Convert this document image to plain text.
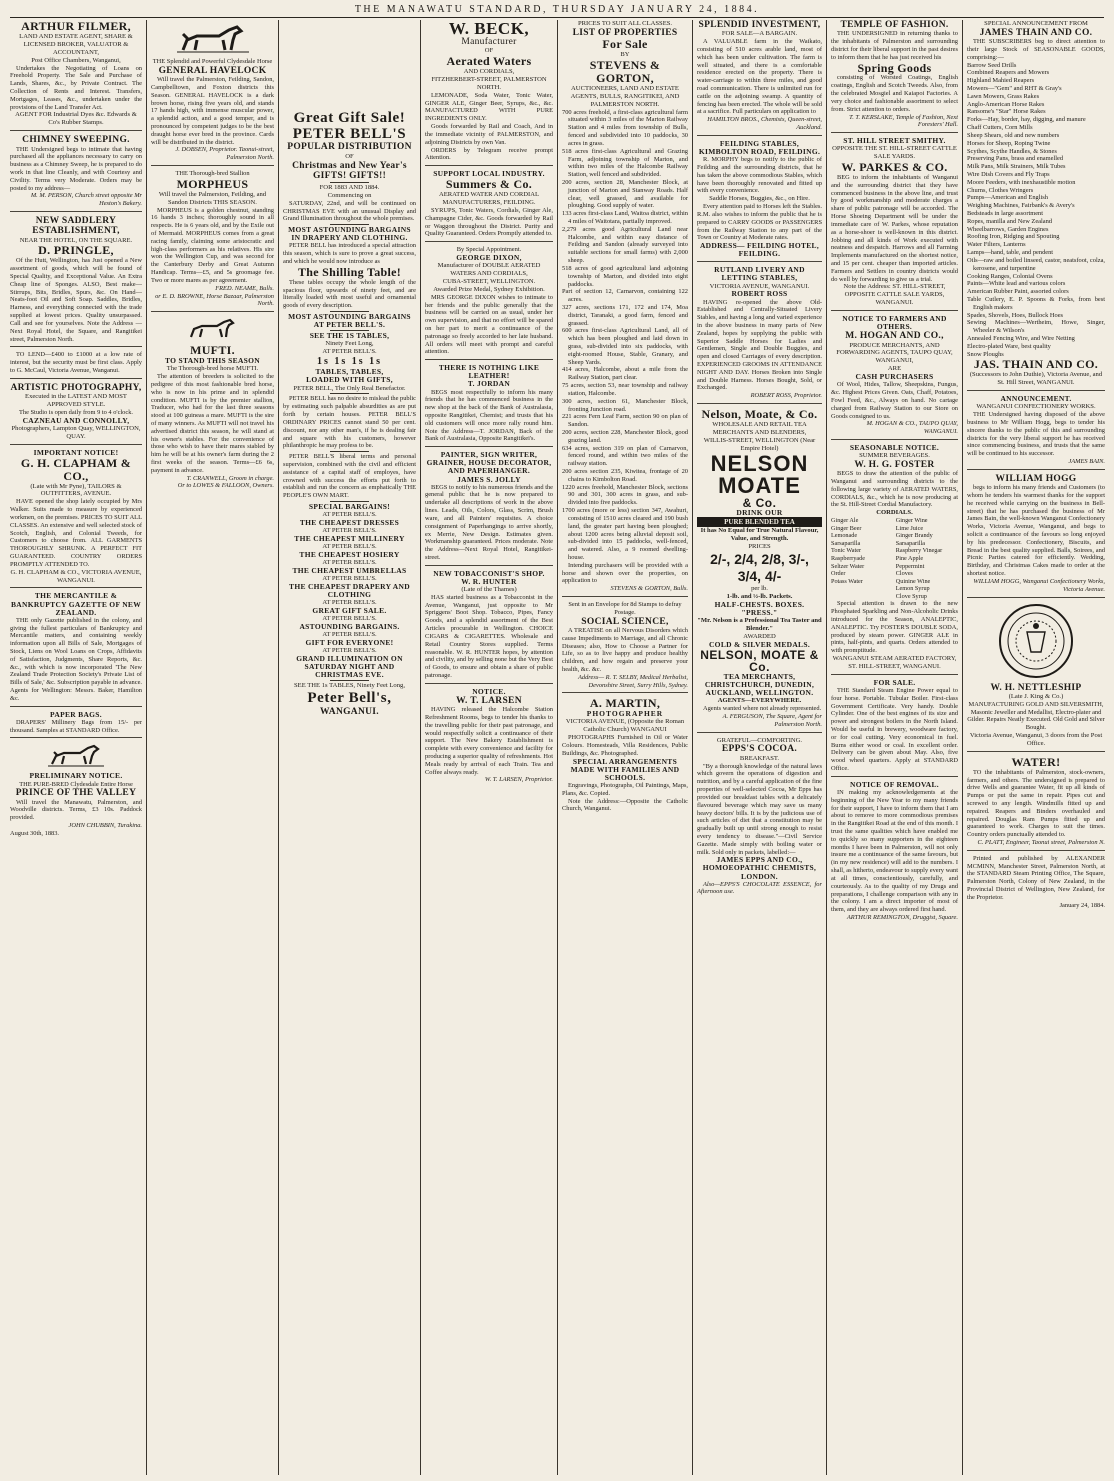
THE MANAWATU STANDARD, THURSDAY JANUARY 24, 1884.
ARTHUR FILMER,
LAND AND ESTATE AGENT, SHARE & LICENSED BROKER, VALUATOR & ACCOUNTANT,
Post Office Chambers, Wanganui,
Undertakes the Negotiating of Loans on Freehold Property. The Sale and Purchase of Lands, Shares, &c., by Private Contract. The Collection of Rents and Interest. Transfers, Mortgages, Leases, &c., undertaken under the provisions of the Land Transfer Act.
AGENT FOR Industrial Dyes &c. Edwards & Co's Rubber Stamps.
CHIMNEY SWEEPING.
THE Undersigned begs to intimate that having purchased all the appliances necessary to carry on business as a Chimney Sweep, he is prepared to do work in that line Cleanly, and with Courtesy and Civility. Terms very Moderate. Orders may be posted to my address—
M. M. PERSON, Church street opposite Mr Heston's Bakery.
NEW SADDLERY ESTABLISHMENT,
NEAR THE HOTEL, ON THE SQUARE.
D. PRINGLE,
Of the Hutt, Wellington, has Just opened a New assortment of goods, which will be found of Special Quality, and Exceptional Value. An Extra Cheap line of Sponges. ALSO, Best make—Stirrups, Bits, Bridles, Spurs, &c. On Hand—Neats-foot Oil and Soft Soap. Saddles, Bridles, Harness, and everything connected with the trade supplied at lowest prices. Quality unsurpassed. Call and see for yourselves. Note the Address — Next Royal Hotel, the Square, and Rangitikei street, Palmerston North.
TO LEND—£400 to £1000 at a low rate of interest, but the security must be first class. Apply to G. McCaul, Victoria Avenue, Wanganui.
ARTISTIC PHOTOGRAPHY,
Executed in the LATEST AND MOST APPROVED STYLE.
The Studio is open daily from 9 to 4 o'clock.
CAZNEAU AND CONNOLLY,
Photographers, Lampton Quay, WELLINGTON, QUAY.
IMPORTANT NOTICE!
G. H. CLAPHAM & CO.,
(Late with Mr Pyne), TAILORS & OUTFITTERS, AVENUE.
HAVE opened the shop lately occupied by Mrs Walker. Suits made to measure by experienced workmen, on the premises. PRICES TO SUIT ALL CLASSES. An extensive and well selected stock of Scotch, English, and Colonial Tweeds, for Customers to choose from. ALL GARMENTS THOROUGHLY SHRUNK. A PERFECT FIT GUARANTEED. COUNTRY ORDERS PROMPTLY ATTENDED TO.
G. H. CLAPHAM & CO., VICTORIA AVENUE, WANGANUI.
THE MERCANTILE & BANKRUPTCY GAZETTE OF NEW ZEALAND.
THE only Gazette published in the colony, and giving the fullest particulars of Bankruptcy and Mercantile matters, and containing weekly information upon all Bills of Sale, Mortgages of Stock, Liens on Wool Loans on Crops, Affidavits of Satisfaction, Judgments, Share Reports, &c. &c., with which is now incorporated 'The New Zealand Trade Protection Society's Private List of Bills of Sale,' &c. Subscription payable in advance. Agents for Wellington: Messrs. Baker, Hamilton &c.
PAPER BAGS.
DRAPERS' Millinery Bags from 15/- per thousand. Samples at STANDARD Office.
PRELIMINARY NOTICE.
THE PURE-BRED Clydesdale Entire Horse
PRINCE OF THE VALLEY
Will travel the Manawatu, Palmerston, and Woodville districts. Terms, £3 10s. Paddock provided.
JOHN CHUBBIN, Turakina.
August 30th, 1883.
THE Splendid and Powerful Clydesdale Horse
GENERAL HAVELOCK
Will travel the Palmerston, Feilding, Sandon, Campbelltown, and Foxton districts this Season. GENERAL HAVELOCK is a dark brown horse, rising five years old, and stands 17 hands high, with immense muscular power, a splendid action, and a good temper, and is pronounced by competent judges to be the best draught horse ever bred in the province. Cards will be distributed in the district.
J. DOBSEN, Proprietor. Taonui-street, Palmerston North.
THE Thorough-bred Stallion
MORPHEUS
Will travel the Palmerston, Feilding, and Sandon Districts THIS SEASON.
MORPHEUS is a golden chestnut, standing 16 hands 3 inches; thoroughly sound in all respects. He is 6 years old, and by the Exile out of Mermaid. MORPHEUS comes from a great racing family, claiming some aristocratic and high-class performers as his relatives. His sire won the Wellington Cup, and was second for the Canterbury Derby and Great Autumn Handicap. Terms—£5, and 5s groomage fee. Two or more mares as per agreement.
FRED. NEAME, Bulls.
or E. D. BROWNE, Horse Bazaar, Palmerston North.
MUFTI.
TO STAND THIS SEASON
The Thorough-bred horse MUFTI.
The attention of breeders is solicited to the pedigree of this most fashionable bred horse, who is now in his prime and in splendid condition. MUFTI is by the premier stallion, Traducer, who had for the last three seasons stood at 100 guineas a mare. MUFTI is the sire of many winners. As MUFTI will not travel his advertised district this season, he will stand at his owner's stables. For the convenience of those who wish to have their mares stabled by him he will be at his owner's farm during the 2 first weeks of the season. Terms—£6 6s, payment in advance.
T. CRANWELL, Groom in charge.
Or to LOWES & FALLOON, Owners.
Great Gift Sale!
PETER BELL'S
POPULAR DISTRIBUTION
OF
Christmas and New Year's
GIFTS! GIFTS!!
FOR 1883 AND 1884.
Commencing on
SATURDAY, 22nd, and will be continued on CHRISTMAS EVE with an unusual Display and Grand Illumination throughout the whole premises.
MOST ASTOUNDING BARGAINS IN DRAPERY AND CLOTHING.
PETER BELL has introduced a special attraction this season, which is sure to prove a great success, and which he would now introduce as
The Shilling Table!
These tables occupy the whole length of the spacious floor, upwards of ninety feet, and are literally loaded with most useful and ornamental goods of every description.
MOST ASTOUNDING BARGAINS AT PETER BELL'S.
SEE THE 1S TABLES,
Ninety Feet Long,
AT PETER BELL'S.
1s 1s 1s 1s
TABLES, TABLES,
LOADED WITH GIFTS,
PETER BELL, The Only Real Benefactor.
PETER BELL has no desire to mislead the public by estimating such palpable absurdities as are put forth by certain houses. PETER BELL'S ORDINARY PRICES cannot stand 50 per cent. discount, nor any other man's, if he is dealing fair and square with his customers, however philanthropic he may profess to be.
PETER BELL'S liberal terms and personal supervision, combined with the civil and efficient assistance of a capital staff of employes, have crowned with success the efforts put forth to establish and run the concern as emphatically THE PEOPLE'S OWN MART.
SPECIAL BARGAINS!
AT PETER BELL'S.
THE CHEAPEST DRESSES
AT PETER BELL'S.
THE CHEAPEST MILLINERY
AT PETER BELL'S.
THE CHEAPEST HOSIERY
AT PETER BELL'S.
THE CHEAPEST UMBRELLAS
AT PETER BELL'S.
THE CHEAPEST DRAPERY AND CLOTHING
AT PETER BELL'S.
GREAT GIFT SALE.
AT PETER BELL'S.
ASTOUNDING BARGAINS.
AT PETER BELL'S.
GIFT FOR EVERYONE!
AT PETER BELL'S.
GRAND ILLUMINATION ON SATURDAY NIGHT AND CHRISTMAS EVE.
SEE THE 1s TABLES, Ninety Feet Long,
Peter Bell's,
WANGANUI.
W. BECK,
Manufacturer
OF
Aerated Waters
AND CORDIALS,
FITZHERBERT-STREET, PALMERSTON NORTH.
LEMONADE, Soda Water, Tonic Water, GINGER ALE, Ginger Beer, Syrups, &c., &c. MANUFACTURED WITH PURE INGREDIENTS ONLY.
Goods forwarded by Rail and Coach, And in the immediate vicinity of PALMERSTON, and adjoining Districts by own Van.
ORDERS by Telegram receive prompt Attention.
SUPPORT LOCAL INDUSTRY.
Summers & Co.
AERATED WATER AND CORDIAL MANUFACTURERS, FEILDING.
SYRUPS, Tonic Waters, Cordials, Ginger Ale, Champagne Cider, &c. Goods forwarded by Rail or Waggon throughout the District. Purity and Quality Guaranteed. Orders Promptly attended to.
By Special Appointment.
GEORGE DIXON,
Manufacturer of DOUBLE AERATED WATERS AND CORDIALS,
CUBA-STREET, WELLINGTON.
Awarded Prize Medal, Sydney Exhibition.
MRS GEORGE DIXON wishes to intimate to her friends and the public generally that the business will be carried on as usual, under her own supervision, and that no effort will be spared on her part to merit a continuance of the patronage so freely accorded to her late husband. All orders will meet with prompt and careful attention.
THERE IS NOTHING LIKE LEATHER!
T. JORDAN
BEGS most respectfully to inform his many friends that he has commenced business in the new shop at the back of the Bank of Australasia, opposite Rangitikei, Chemist; and trusts that his old customers will once more rally round him. Note the Address—T. JORDAN, Back of the Bank of Australasia, Opposite Rangitikei's.
PAINTER, SIGN WRITER, GRAINER, HOUSE DECORATOR, AND PAPERHANGER.
JAMES S. JOLLY
BEGS to notify to his numerous friends and the general public that he is now prepared to undertake all descriptions of work in the above lines. Leads, Oils, Colors, Glass, Scrim, Brush ware, and all Painters' requisites. A choice consignment of Paperhangings to arrive shortly, ex Merrie, New Design. Estimates given. Workmanship guaranteed. Prices moderate. Note the Address—Next Royal Hotel, Rangitikei-street.
NEW TOBACCONIST'S SHOP.
W. R. HUNTER
(Late of the Thames)
HAS started business as a Tobacconist in the Avenue, Wanganui, just opposite to Mr Spriggens' Boot Shop. Tobacco, Pipes, Fancy Goods, and a splendid assortment of the Best Articles procurable in Wellington. CHOICE CIGARS & CIGARETTES. Wholesale and Retail Country Stores supplied. Terms reasonable. W. R. HUNTER hopes, by attention and civility, and by selling none but the Very Best of Goods, to ensure and obtain a share of public patronage.
NOTICE.
W. T. LARSEN
HAVING released the Halcombe Station Refreshment Rooms, begs to tender his thanks to the travelling public for their past patronage, and would respectfully solicit a continuance of their support. The New Bakery Establishment is complete with every convenience and facility for producing a superior quality of refreshments. Hot Meals ready by arrival of each Train. Tea and Coffee always ready.
W. T. LARSEN, Proprietor.
PRICES TO SUIT ALL CLASSES.
LIST OF PROPERTIES
For Sale
BY
STEVENS & GORTON,
AUCTIONEERS, LAND AND ESTATE AGENTS, BULLS, RANGITIKEI, AND PALMERSTON NORTH.
700 acres freehold, a first-class agricultural farm situated within 3 miles of the Marton Railway Station and 4 miles from township of Bulls, fenced and subdivided into 10 paddocks, 30 acres in grass.
518 acres first-class Agricultural and Grazing Farm, adjoining township of Marton, and within two miles of the Halcombe Railway Station, well fenced and subdivided.
200 acres, section 28, Manchester Block, at junction of Marton and Stanway Roads. Half clear, well grassed, and available for ploughing. Good supply of water.
133 acres first-class Land, Waitoa district, within 4 miles of Waitotara, partially improved.
2,279 acres good Agricultural Land near Halcombe, and within easy distance of Feilding and Sandon (already surveyed into suitable sections for small farms) with 2,000 sheep.
518 acres of good agricultural land adjoining township of Marton, and divided into eight paddocks.
Part of section 12, Carnarvon, containing 122 acres.
327 acres, sections 171, 172 and 174, Moa district, Taranaki, a good farm, fenced and grassed.
600 acres first-class Agricultural Land, all of which has been ploughed and laid down in grass, sub-divided into six paddocks, with eight-roomed House, Stable, Granary, and Sheep Yards.
414 acres, Halcombe, about a mile from the Railway Station, part clear.
75 acres, section 53, near township and railway station, Halcombe.
300 acres, section 61, Manchester Block, fronting Junction road.
221 acres Fern Leaf Farm, section 90 on plan of Sandon.
200 acres, section 228, Manchester Block, good grazing land.
634 acres, section 319 on plan of Carnarvon, fenced round, and within two miles of the railway station.
200 acres section 235, Kiwitea, frontage of 20 chains to Kimbolton Road.
1220 acres freehold, Manchester Block, sections 90 and 301, 300 acres in grass, and sub-divided into five paddocks.
1700 acres (more or less) section 347, Awahuri, consisting of 1510 acres cleared and 190 bush land, the greater part having been ploughed; about 1200 acres being alluvial deposit soil, sub-divided into 15 paddocks, well-fenced, and watered. Also, a 9 roomed dwelling-house.
Intending purchasers will be provided with a horse and shown over the properties, on application to
STEVENS & GORTON, Bulls.
Sent in an Envelope for 8d Stamps to defray Postage.
SOCIAL SCIENCE,
A TREATISE on all Nervous Disorders which cause Impediments to Marriage, and all Chronic Diseases; also, How to Choose a Partner for Life, so as to live happy and produce healthy children, and how regain and preserve your health, &c. &c.
Address— R. T. SELBY, Medical Herbalist, Devonshire Street, Surry Hills, Sydney.
A. MARTIN,
PHOTOGRAPHER
VICTORIA AVENUE, (Opposite the Roman Catholic Church) WANGANUI
PHOTOGRAPHS Furnished in Oil or Water Colours. Homesteads, Villa Residences, Public Buildings, &c. Photographed.
SPECIAL ARRANGEMENTS MADE WITH FAMILIES AND SCHOOLS.
Engravings, Photographs, Oil Paintings, Maps, Plans, &c. Copied.
Note the Address:—Opposite the Catholic Church, Wanganui.
SPLENDID INVESTMENT,
FOR SALE—A BARGAIN.
A VALUABLE farm in the Waikato, consisting of 510 acres arable land, most of which has been under cultivation. The farm is well situated, and there is a comfortable residence erected on the property. There is water-carriage to within three miles, and good road communication. There is unlimited run for cattle on the adjoining swamp. A quantity of fencing has been erected. The whole will be sold at a sacrifice. Full particulars on application to
HAMILTON BROS., Chemists, Queen-street, Auckland.
FEILDING STABLES,
KIMBOLTON ROAD, FEILDING.
R. MORPHY begs to notify to the public of Feilding and the surrounding districts, that he has taken the above commodious Stables, which have been thoroughly renovated and fitted up with every convenience.
Saddle Horses, Buggies, &c., on Hire.
Every attention paid to Horses left the Stables. R.M. also wishes to inform the public that he is prepared to CARRY GOODS or PASSENGERS from the Railway Station to any part of the Town or Country at Moderate rates.
ADDRESS— FEILDING HOTEL, FEILDING.
RUTLAND LIVERY AND LETTING STABLES,
VICTORIA AVENUE, WANGANUI.
ROBERT ROSS
HAVING re-opened the above Old-Established and Centrally-Situated Livery Stables, and having a long and varied experience in the above business in many parts of New Zealand, hopes by supplying the public with Superior Saddle Horses for Ladies and Gentlemen, Single and Double Buggies, and open and closed Carriages of every description. EXPERIENCED GROOMS IN ATTENDANCE NIGHT AND DAY. Horses Broken into Single and Double Harness. Horses Bought, Sold, or Exchanged.
ROBERT ROSS, Proprietor.
Nelson, Moate, & Co.
WHOLESALE AND RETAIL TEA MERCHANTS AND BLENDERS,
WILLIS-STREET, WELLINGTON (Near Empire Hotel)
NELSON
MOATE
& Co.
DRINK OUR
PURE BLENDED TEA
It has No Equal for True Natural Flavour, Value, and Strength.
PRICES
2/-, 2/4, 2/8, 3/-, 3/4, 4/-
per lb.
1-lb. and ½-lb. Packets.
HALF-CHESTS. BOXES.
"PRESS."
"Mr. Nelson is a Professional Tea Taster and Blender."
AWARDED
COLD & SILVER MEDALS.
NELSON, MOATE & Co.
TEA MERCHANTS,
CHRISTCHURCH, DUNEDIN, AUCKLAND, WELLINGTON.
AGENTS—EVERYWHERE.
Agents wanted where not already represented.
A. FERGUSON, The Square, Agent for Palmerston North.
GRATEFUL—COMFORTING.
EPPS'S COCOA.
BREAKFAST.
"By a thorough knowledge of the natural laws which govern the operations of digestion and nutrition, and by a careful application of the fine properties of well-selected Cocoa, Mr Epps has provided our breakfast tables with a delicately flavoured beverage which may save us many heavy doctors' bills. It is by the judicious use of such articles of diet that a constitution may be gradually built up until strong enough to resist every tendency to disease."—Civil Service Gazette. Made simply with boiling water or milk. Sold only in packets, labelled:—
JAMES EPPS AND CO., HOMOEOPATHIC CHEMISTS, LONDON.
Also—EPPS'S CHOCOLATE ESSENCE, for Afternoon use.
TEMPLE OF FASHION.
THE UNDERSIGNED in returning thanks to the inhabitants of Palmerston and surrounding district for their liberal support in the past desires to inform them that he has just received his
Spring Goods
consisting of Worsted Coatings, English coatings, English and Scotch Tweeds. Also, from the celebrated Mosgiel and Kaiapoi Factories. A very choice and fashionable assortment to select from. Strict attention to orders.
T. T. KERSLAKE, Temple of Fashion, Next Foresters' Hall.
ST. HILL STREET SMITHY.
OPPOSITE THE ST. HILL-STREET CATTLE SALE YARDS.
W. PARKES & CO.
BEG to inform the inhabitants of Wanganui and the surrounding district that they have commenced business in the above line, and trust by good workmanship and moderate charges a share of public patronage will be accorded. The Horse Shoeing Department will be under the immediate care of W. Parkes, whose reputation as a horse-shoer is well-known in this district. Jobbing and all kinds of Work executed with neatness and despatch. Harrows and all Farming Implements manufactured on the shortest notice, and 15 per cent. cheaper than imported articles. Farmers and Settlers in country districts would do well by forwarding to give us a trial.
Note the Address: ST. HILL-STREET, OPPOSITE CATTLE SALE YARDS, WANGANUI.
NOTICE TO FARMERS AND OTHERS.
M. HOGAN AND CO.,
PRODUCE MERCHANTS, AND FORWARDING AGENTS, TAUPO QUAY, WANGANUI,
ARE
CASH PURCHASERS
Of Wool, Hides, Tallow, Sheepskins, Fungus, &c. Highest Prices Given. Oats, Chaff, Potatoes, Fowl Feed, &c., Always on hand. No cartage charged from Railway Station to our Store on Goods consigned to us.
M. HOGAN & CO., TAUPO QUAY, WANGANUI.
SEASONABLE NOTICE.
SUMMER BEVERAGES.
W. H. G. FOSTER
BEGS to draw the attention of the public of Wanganui and surrounding districts to the following large variety of AERATED WATERS, CORDIALS, &c., which he is now producing at the St. Hill-Street Cordial Manufactory.
CORDIALS.
Ginger Ale
Ginger Beer
Lemonade
Sarsaparilla
Tonic Water
Raspberryade
Seltzer Water
Order
Potass Water
Ginger Wine
Lime Juice
Ginger Brandy
Sarsaparilla
Raspberry Vinegar
Pine Apple
Peppermint
Cloves
Quinine Wine
Lemon Syrup
Clove Syrup
Special attention is drawn to the new Phosphated Sparkling and Non-Alcoholic Drinks introduced for the Season, ANALEPTIC, ANALEPTIC. Try FOSTER'S DOUBLE SODA, produced by steam power. GINGER ALE in pints, half-pints, and quarts. Orders attended to with promptitude.
WANGANUI STEAM AERATED FACTORY, ST. HILL-STREET, WANGANUI.
FOR SALE.
THE Standard Steam Engine Power equal to four horse. Portable. Tubular Boiler. First-class Government Certificate. Very handy. Double Cylinder. One of the best engines of its size and power and strongest boilers in the North Island. Would be useful in brewery, woodware factory, or for coal cutting. Very economical in fuel. Burns either wood or coal. In excellent order. Delivery can be given about May. Also, five wood wheel quarters. Apply at STANDARD Office.
NOTICE OF REMOVAL.
IN making my acknowledgements at the beginning of the New Year to my many friends for their support, I have to inform them that I am about to remove to more commodious premises in the Rangitikei Road at the end of this month. I trust the same qualities which have enabled me to quickly so many supporters in the eighteen months I have been in Palmerston, will not only insure me a continuance of the same favours, but (in my new residence) will add to the numbers. I shall, as hitherto, endeavour to supply every want at all times, conscientiously, carefully, and courteously. As to the quality of my Drugs and preparations, I challenge comparison with any in the colony. I am a direct importer of most of them, and they are always ordered first hand.
ARTHUR REMINGTON, Druggist, Square.
SPECIAL ANNOUNCEMENT FROM
JAMES THAIN AND CO.
THE SUBSCRIBERS beg to direct attention to their large Stock of SEASONABLE GOODS, comprising:—
Barrow Seed Drills
Combined Reapers and Mowers
Highland Mahied Reapers
Mowers—"Gem" and RHT & Gray's
Lawn Mowers, Grass Rakes
Anglo-American Horse Rakes
Ransome's "Star" Horse Rakes
Forks—Hay, border, hay, digging, and manure
Chaff Cutters, Corn Mills
Sheep Shears, old and new numbers
Horses for Sheep, Roping Twine
Scythes, Scythe Handles, & Stones
Preserving Pans, brass and enamelled
Milk Pans, Milk Strainers, Milk Tubes
Wire Dish Covers and Fly Traps
Moore Feeders, with inexhaustible motion
Churns, Clothes Wringers
Pumps—American and English
Weighing Machines, Fairbank's & Avery's
Bedsteads in large assortment
Ropes, manilla and New Zealand
Wheelbarrows, Garden Engines
Roofing Iron, Ridging and Spouting
Water Filters, Lanterns
Lamps—hand, table, and pendent
Oils—raw and boiled linseed, castor, neatsfoot, colza, kerosene, and turpentine
Cooking Ranges, Colonial Ovens
Paints—White lead and various colors
American Rubber Paint, assorted colors
Table Cutlery, E. P. Spoons & Forks, from best English makers
Spades, Shovels, Hoes, Bullock Hoes
Sewing Machines—Wertheim, Howe, Singer, Wheeler & Wilson's
Annealed Fencing Wire, and Wire Netting
Electro-plated Ware, best quality
Snow Ploughs
JAS. THAIN AND CO.
(Successors to John Duthie), Victoria Avenue, and St. Hill Street, WANGANUI.
ANNOUNCEMENT.
WANGANUI CONFECTIONERY WORKS.
THE Undersigned having disposed of the above business to Mr William Hogg, begs to tender his sincere thanks to the public of this and surrounding districts for the very liberal support he has received since commencing business, and trusts that the same will be continued to his successor.
JAMES BAIN.
WILLIAM HOGG
begs to inform his many friends and Customers (to whom he tenders his warmest thanks for the support he received while carrying on the business in Bell-street) that he has purchased the business of Mr James Bain, the well-known Wanganui Confectionery Works, Victoria Avenue, Wanganui, and begs to solicit a continuance of the favours so long enjoyed by his predecessor. Confectionery, Biscuits, and Bread in the best quality supplied. Balls, Soirees, and Picnic Parties catered for efficiently. Wedding, Birthday, and Christmas Cakes made to order at the shortest notice.
WILLIAM HOGG, Wanganui Confectionery Works, Victoria Avenue.
W. H. NETTLESHIP
(Late J. King & Co.)
MANUFACTURING GOLD AND SILVERSMITH, Masonic Jeweller and Medallist, Electro-plater and Gilder. Repairs Neatly Executed. Old Gold and Silver Bought.
Victoria Avenue, Wanganui, 3 doors from the Post Office.
WATER!
TO the inhabitants of Palmerston, stock-owners, farmers, and others. The undersigned is prepared to drive Wells and guarantee Water, fit up all kinds of Pumps or put the same in repair. Pipes cut and screwed to any length. Windmills fitted up and repaired. Reapers and Binders overhauled and repaired. Douglas Ram Pumps fitted up and guaranteed to work. Charges to suit the times. Country orders punctually attended to.
C. PLATT, Engineer, Taonui street, Palmerston N.
Printed and published by ALEXANDER MCMINN, Manchester Street, Palmerston North, at the STANDARD Steam Printing Office, The Square, Palmerston North, Colony of New Zealand, in the Provincial District of Wellington, New Zealand, for the Proprietor.
January 24, 1884.
